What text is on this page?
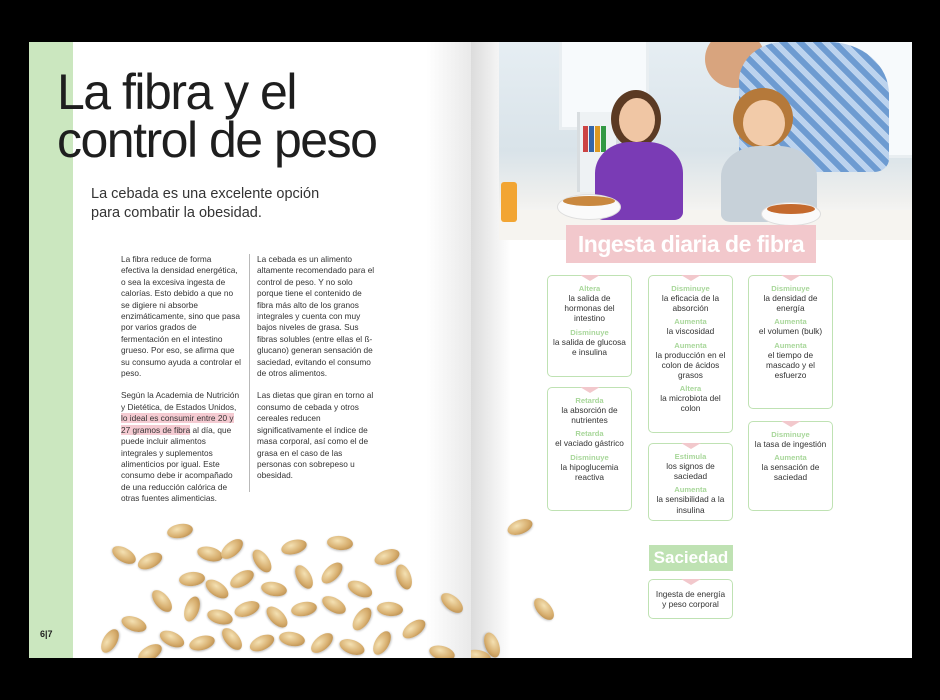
La fibra y el
control de peso
La cebada es una excelente opción para combatir la obesidad.

La fibra reduce de forma efectiva la densidad energética, o sea la excesiva ingesta de calorías. Esto debido a que no se digiere ni absorbe enzimáticamente, sino que pasa por varios grados de fermentación en el intestino grueso. Por eso, se afirma que su consumo ayuda a controlar el peso.

Según la Academia de Nutrición y Dietética, de Estados Unidos, lo ideal es consumir entre 20 y 27 gramos de fibra al día, que puede incluir alimentos integrales y suplementos alimenticios por igual. Este consumo debe ir acompañado de una reducción calórica de otras fuentes alimenticias.

La cebada es un alimento altamente recomendado para el control de peso. Y no solo porque tiene el contenido de fibra más alto de los granos integrales y cuenta con muy bajos niveles de grasa. Sus fibras solubles (entre ellas el ß-glucano) generan sensación de saciedad, evitando el consumo de otros alimentos.

Las dietas que giran en torno al consumo de cebada y otros cereales reducen significativamente el índice de masa corporal, así como el de grasa en el caso de las personas con sobrepeso u obesidad.

6|7
Ingesta diaria de fibra
Altera
la salida de hormonas del intestino
Disminuye
la salida de glucosa e insulina
Retarda
la absorción de nutrientes
Retarda
el vaciado gástrico
Disminuye
la hipoglucemia reactiva
Disminuye
la eficacia de la absorción
Aumenta
la viscosidad
Aumenta
la producción en el colon de ácidos grasos
Altera
la microbiota del colon
Estimula
los signos de saciedad
Aumenta
la sensibilidad a la insulina
Disminuye
la densidad de energía
Aumenta
el volumen (bulk)
Aumenta
el tiempo de mascado y el esfuerzo
Disminuye
la tasa de ingestión
Aumenta
la sensación de saciedad
Saciedad
Ingesta de energía y peso corporal
